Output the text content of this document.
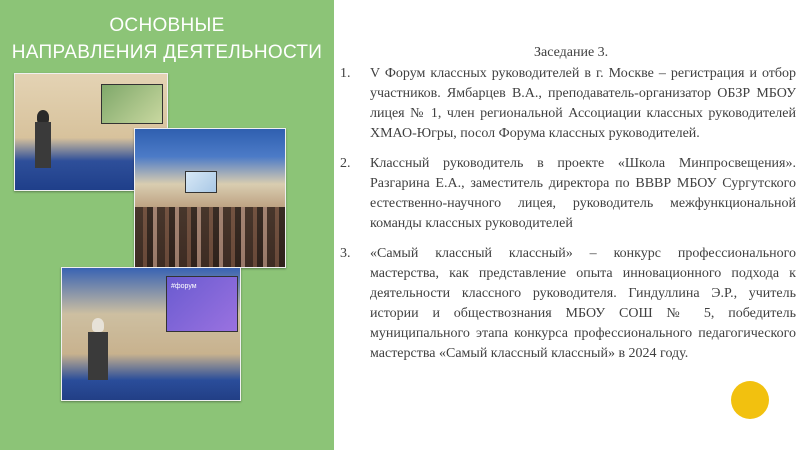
ОСНОВНЫЕ
НАПРАВЛЕНИЯ ДЕЯТЕЛЬНОСТИ
#форум
Заседание 3.
1. V Форум классных руководителей в г. Москве – регистрация и отбор участников. Ямбарцев В.А., преподаватель-организатор ОБЗР МБОУ лицея № 1, член региональной Ассоциации классных руководителей ХМАО-Югры, посол Форума классных руководителей.
2. Классный руководитель в проекте «Школа Минпросвещения». Разгарина Е.А., заместитель директора по ВВВР МБОУ Сургутского естественно-научного лицея, руководитель межфункциональной команды классных руководителей
3. «Самый классный классный» – конкурс профессионального мастерства, как представление опыта инновационного подхода к деятельности классного руководителя. Гиндуллина Э.Р., учитель истории и обществознания МБОУ СОШ № 5, победитель муниципального этапа конкурса профессионального педагогического мастерства «Самый классный классный» в 2024 году.
